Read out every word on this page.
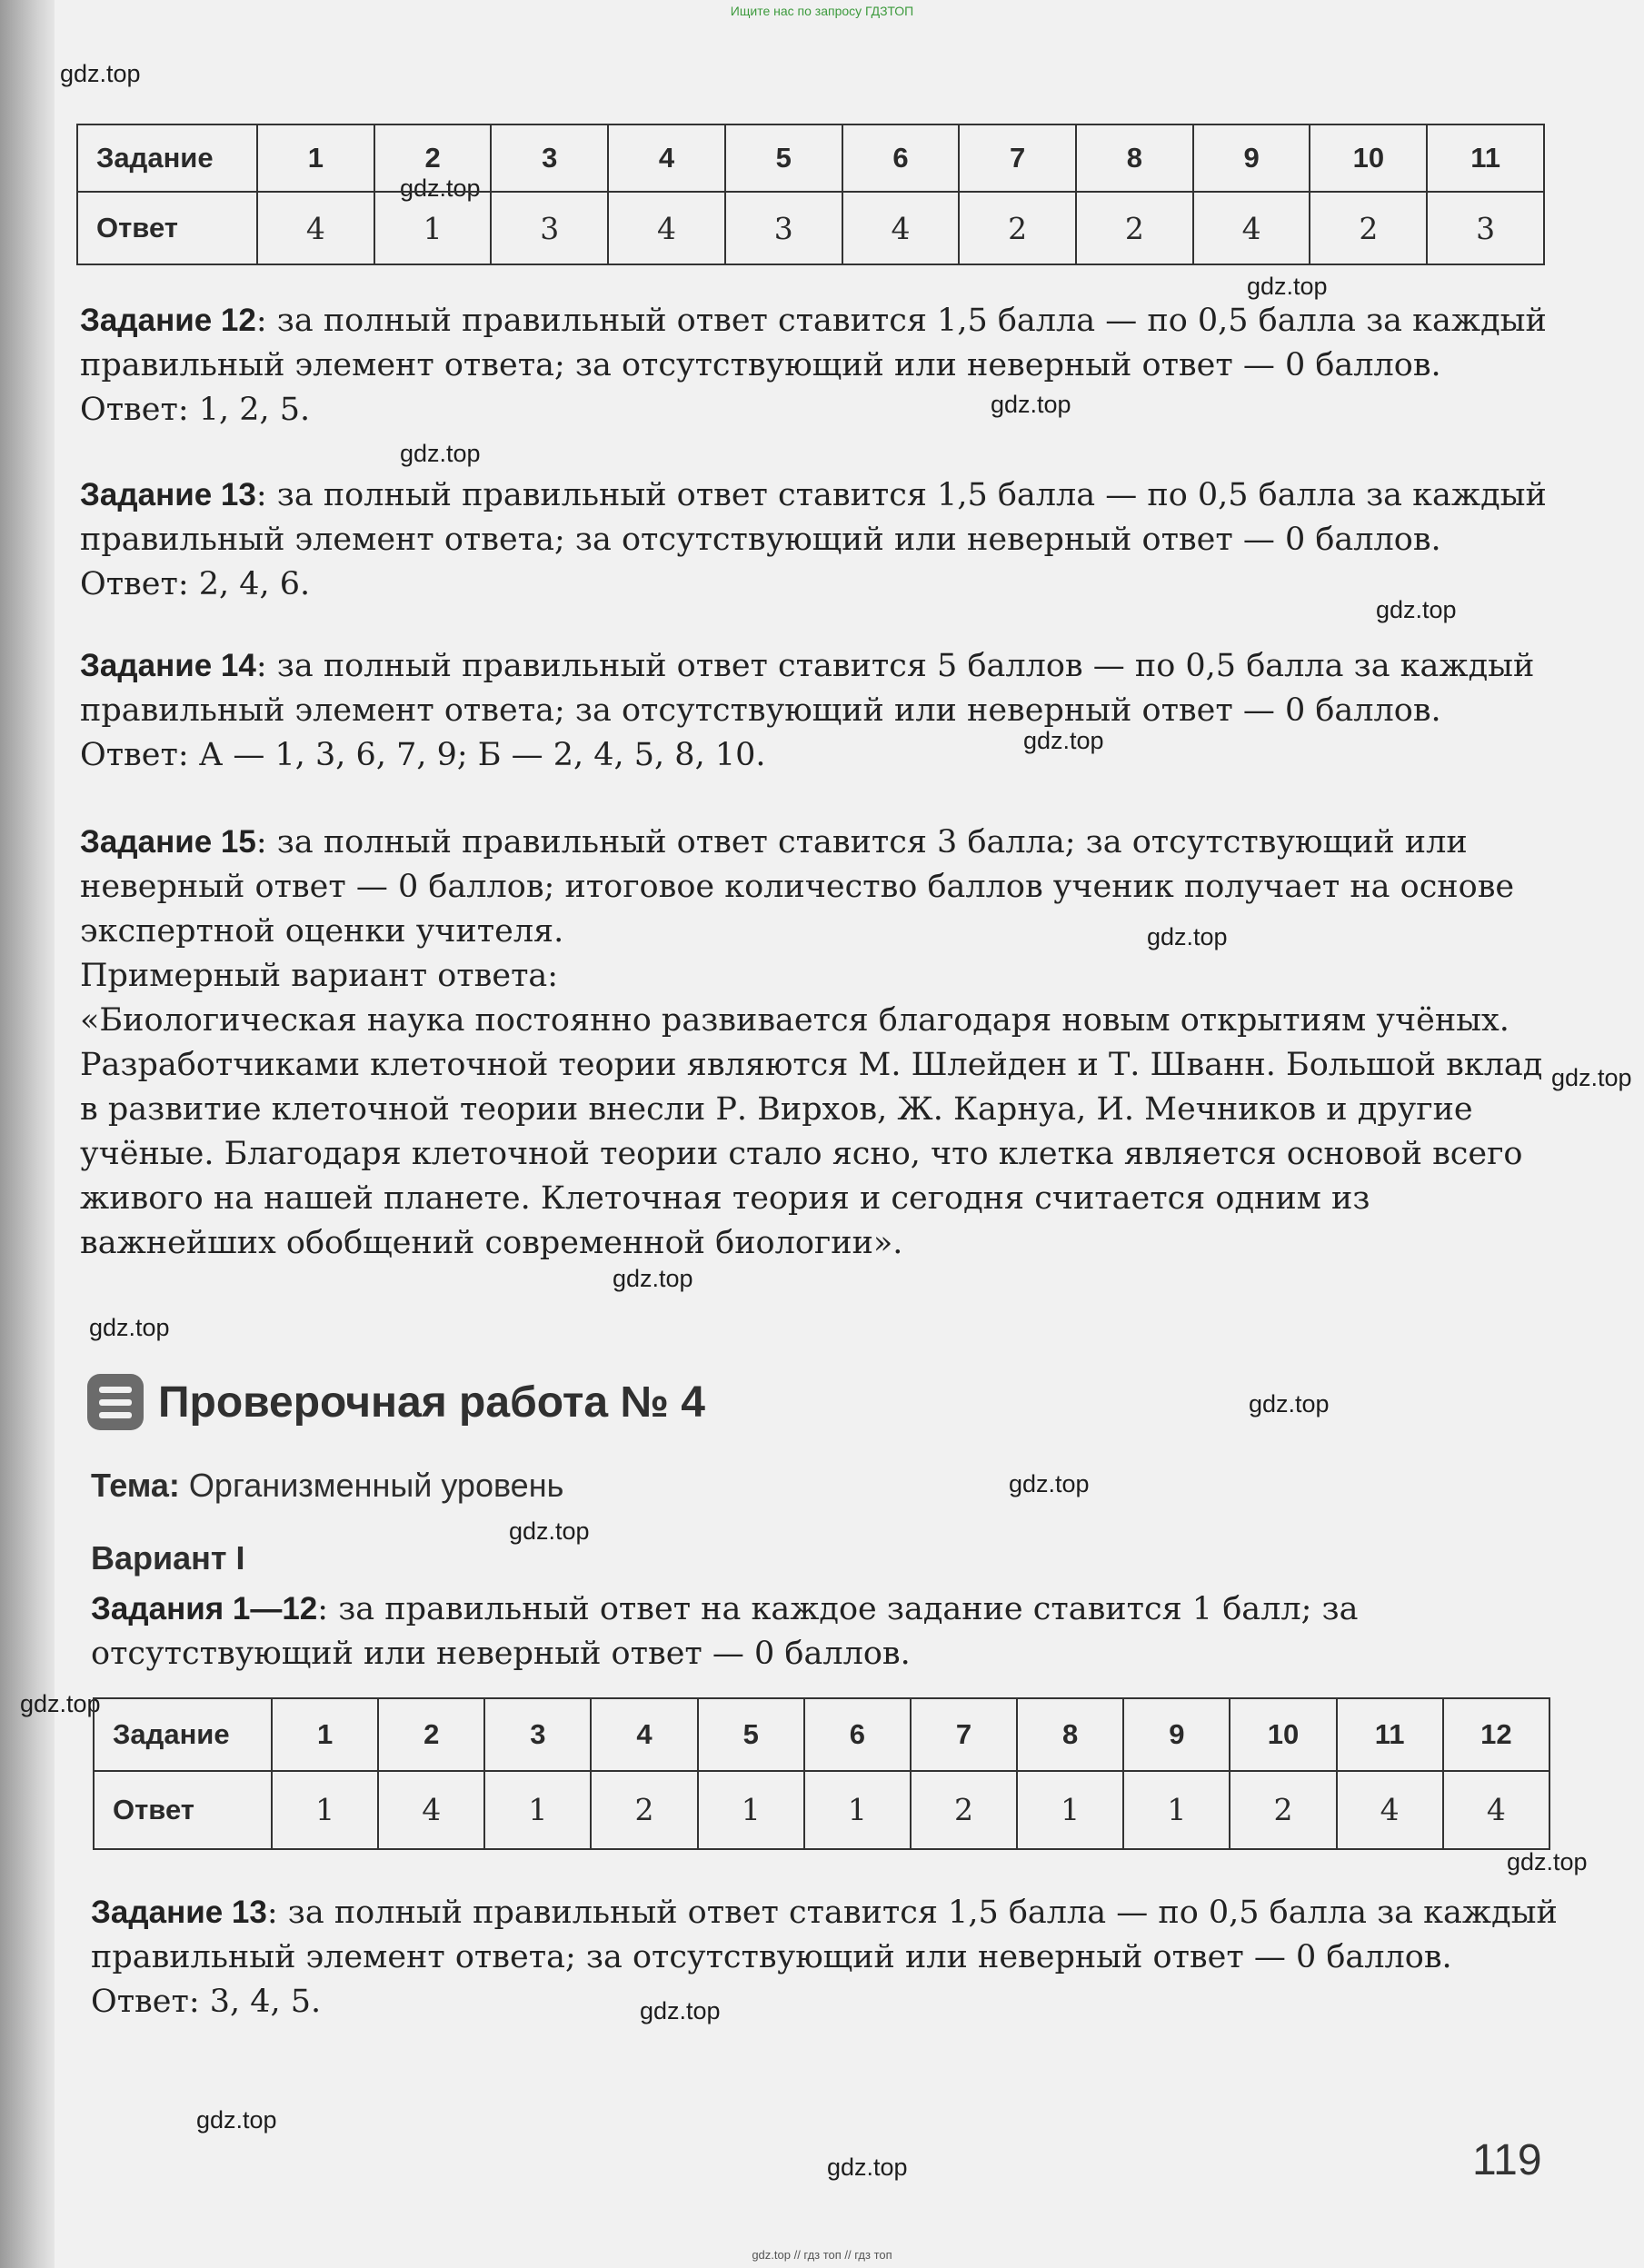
Ищите нас по запросу ГДЗТОП
gdz.top
gdz.top
gdz.top
gdz.top
gdz.top
gdz.top
gdz.top
gdz.top
gdz.top
gdz.top
gdz.top
gdz.top
gdz.top
gdz.top
gdz.top
gdz.top
gdz.top
gdz.top
gdz.top
Задание	1	2	3	4	5	6	7	8	9	10	11
Ответ	4	1	3	4	3	4	2	2	4	2	3

Задание 12: за полный правильный ответ ставится 1,5 балла — по 0,5 балла за каждый правильный элемент ответа; за отсутствующий или неверный ответ — 0 баллов.

Ответ: 1, 2, 5.

Задание 13: за полный правильный ответ ставится 1,5 балла — по 0,5 балла за каждый правильный элемент ответа; за отсутствующий или неверный ответ — 0 баллов.

Ответ: 2, 4, 6.

Задание 14: за полный правильный ответ ставится 5 баллов — по 0,5 балла за каждый правильный элемент ответа; за отсутствующий или неверный ответ — 0 баллов.

Ответ: А — 1, 3, 6, 7, 9; Б — 2, 4, 5, 8, 10.

Задание 15: за полный правильный ответ ставится 3 балла; за отсутствующий или неверный ответ — 0 баллов; итоговое количество баллов ученик получает на основе экспертной оценки учителя.

Примерный вариант ответа:

«Биологическая наука постоянно развивается благодаря новым открытиям учёных. Разработчиками клеточной теории являются М. Шлейден и Т. Шванн. Большой вклад в развитие клеточной теории внесли Р. Вирхов, Ж. Карнуа, И. Мечников и другие учёные. Благодаря клеточной теории стало ясно, что клетка является основой всего живого на нашей планете. Клеточная теория и сегодня считается одним из важнейших обобщений современной биологии».

Проверочная работа № 4
Тема: Организменный уровень
Вариант I

Задания 1—12: за правильный ответ на каждое задание ставится 1 балл; за отсутствующий или неверный ответ — 0 баллов.

Задание	1	2	3	4	5	6	7	8	9	10	11	12
Ответ	1	4	1	2	1	1	2	1	1	2	4	4

Задание 13: за полный правильный ответ ставится 1,5 балла — по 0,5 балла за каждый правильный элемент ответа; за отсутствующий или неверный ответ — 0 баллов.

Ответ: 3, 4, 5.

119
gdz.top // гдз топ // гдз топ
